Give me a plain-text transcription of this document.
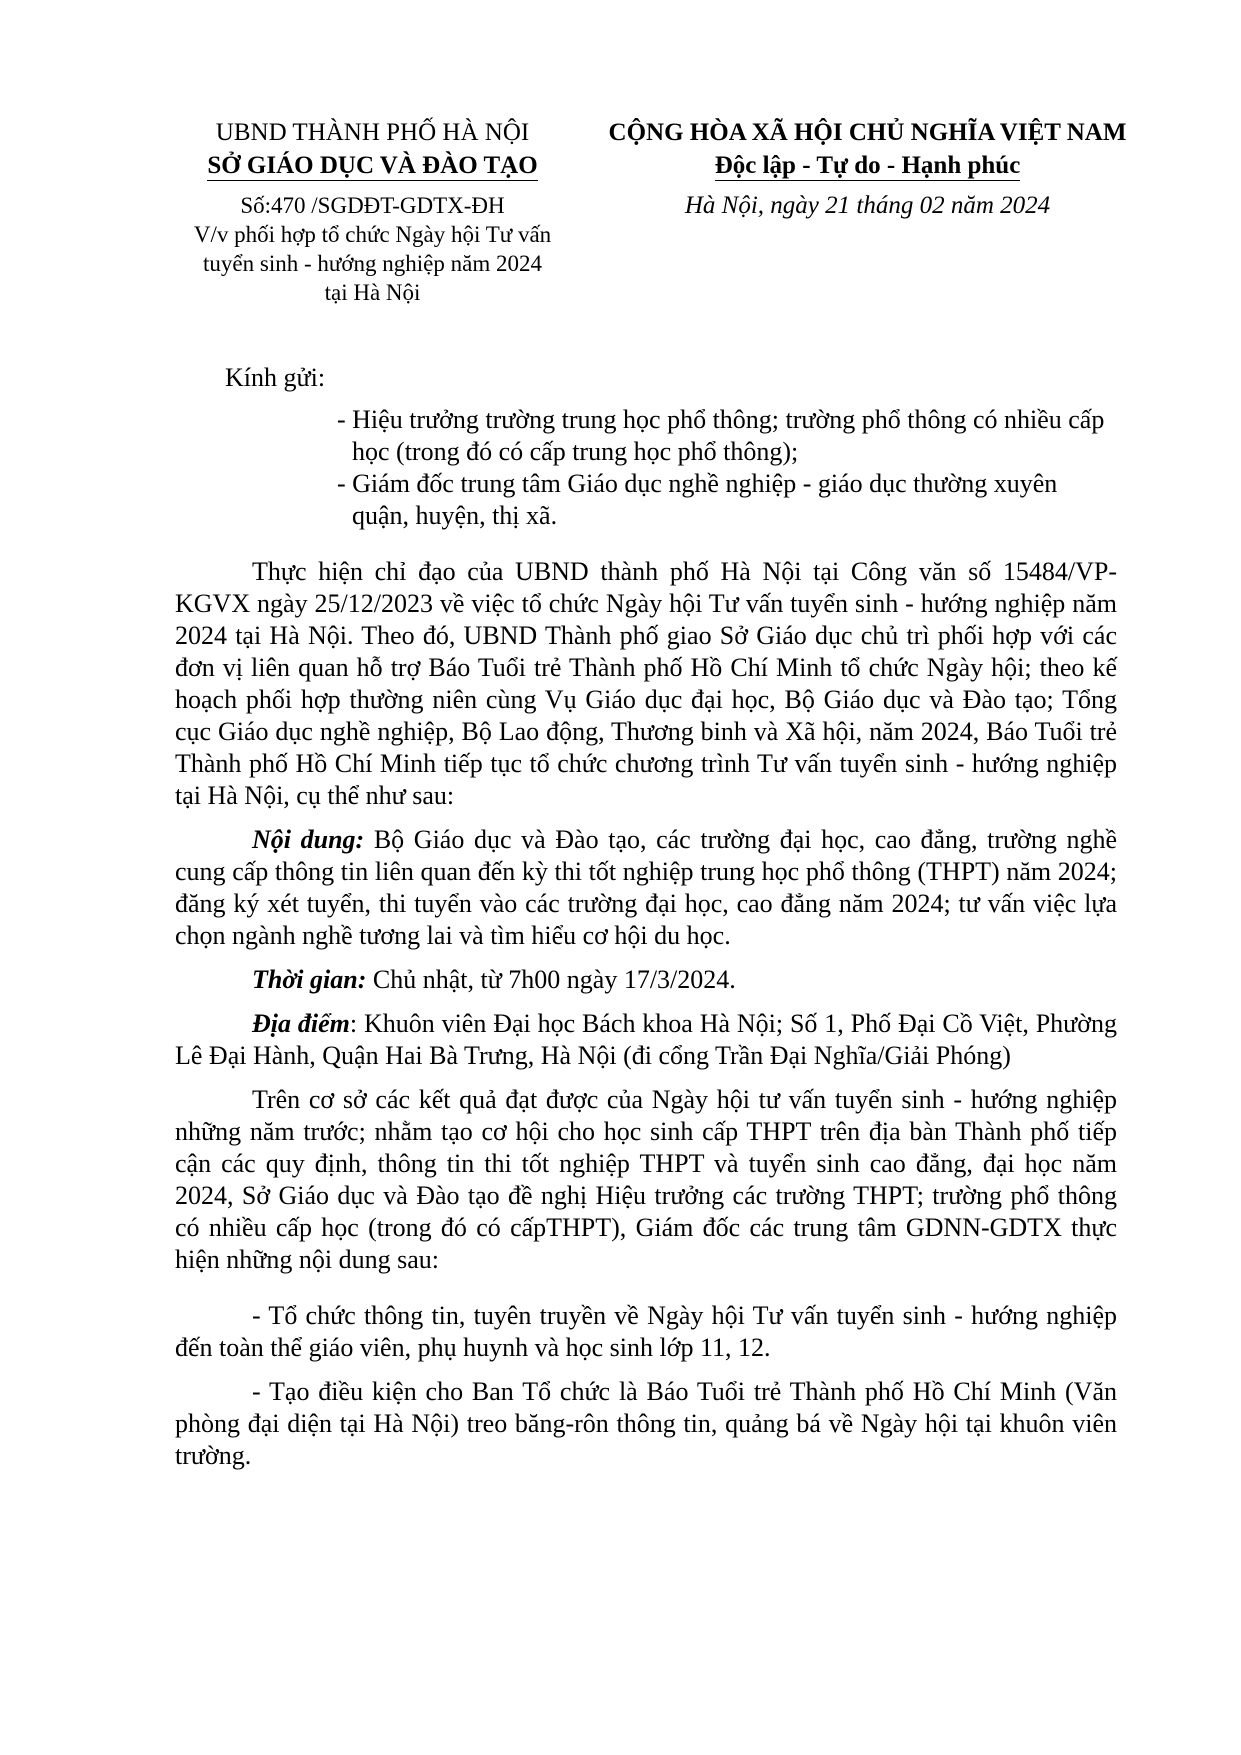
UBND THÀNH PHỐ HÀ NỘI
SỞ GIÁO DỤC VÀ ĐÀO TẠO
Số:470 /SGDĐT-GDTX-ĐH
V/v phối hợp tổ chức Ngày hội Tư vấn
tuyển sinh - hướng nghiệp năm 2024
tại Hà Nội
CỘNG HÒA XÃ HỘI CHỦ NGHĨA VIỆT NAM
Độc lập - Tự do - Hạnh phúc
Hà Nội, ngày 21 tháng 02 năm 2024
Kính gửi:
- Hiệu trưởng trường trung học phổ thông; trường phổ thông có nhiều cấp học (trong đó có cấp trung học phổ thông);
- Giám đốc trung tâm Giáo dục nghề nghiệp - giáo dục thường xuyên quận, huyện, thị xã.
Thực hiện chỉ đạo của UBND thành phố Hà Nội tại Công văn số 15484/VP-KGVX ngày 25/12/2023 về việc tổ chức Ngày hội Tư vấn tuyển sinh - hướng nghiệp năm 2024 tại Hà Nội. Theo đó, UBND Thành phố giao Sở Giáo dục chủ trì phối hợp với các đơn vị liên quan hỗ trợ Báo Tuổi trẻ Thành phố Hồ Chí Minh tổ chức Ngày hội; theo kế hoạch phối hợp thường niên cùng Vụ Giáo dục đại học, Bộ Giáo dục và Đào tạo; Tổng cục Giáo dục nghề nghiệp, Bộ Lao động, Thương binh và Xã hội, năm 2024, Báo Tuổi trẻ Thành phố Hồ Chí Minh tiếp tục tổ chức chương trình Tư vấn tuyển sinh - hướng nghiệp tại Hà Nội, cụ thể như sau:
Nội dung: Bộ Giáo dục và Đào tạo, các trường đại học, cao đẳng, trường nghề cung cấp thông tin liên quan đến kỳ thi tốt nghiệp trung học phổ thông (THPT) năm 2024; đăng ký xét tuyển, thi tuyển vào các trường đại học, cao đẳng năm 2024; tư vấn việc lựa chọn ngành nghề tương lai và tìm hiểu cơ hội du học.
Thời gian: Chủ nhật, từ 7h00 ngày 17/3/2024.
Địa điểm: Khuôn viên Đại học Bách khoa Hà Nội; Số 1, Phố Đại Cồ Việt, Phường Lê Đại Hành, Quận Hai Bà Trưng, Hà Nội (đi cổng Trần Đại Nghĩa/Giải Phóng)
Trên cơ sở các kết quả đạt được của Ngày hội tư vấn tuyển sinh - hướng nghiệp những năm trước; nhằm tạo cơ hội cho học sinh cấp THPT trên địa bàn Thành phố tiếp cận các quy định, thông tin thi tốt nghiệp THPT và tuyển sinh cao đẳng, đại học năm 2024, Sở Giáo dục và Đào tạo đề nghị Hiệu trưởng các trường THPT; trường phổ thông có nhiều cấp học (trong đó có cấpTHPT), Giám đốc các trung tâm GDNN-GDTX thực hiện những nội dung sau:
- Tổ chức thông tin, tuyên truyền về Ngày hội Tư vấn tuyển sinh - hướng nghiệp đến toàn thể giáo viên, phụ huynh và học sinh lớp 11, 12.
- Tạo điều kiện cho Ban Tổ chức là Báo Tuổi trẻ Thành phố Hồ Chí Minh (Văn phòng đại diện tại Hà Nội) treo băng-rôn thông tin, quảng bá về Ngày hội tại khuôn viên trường.
